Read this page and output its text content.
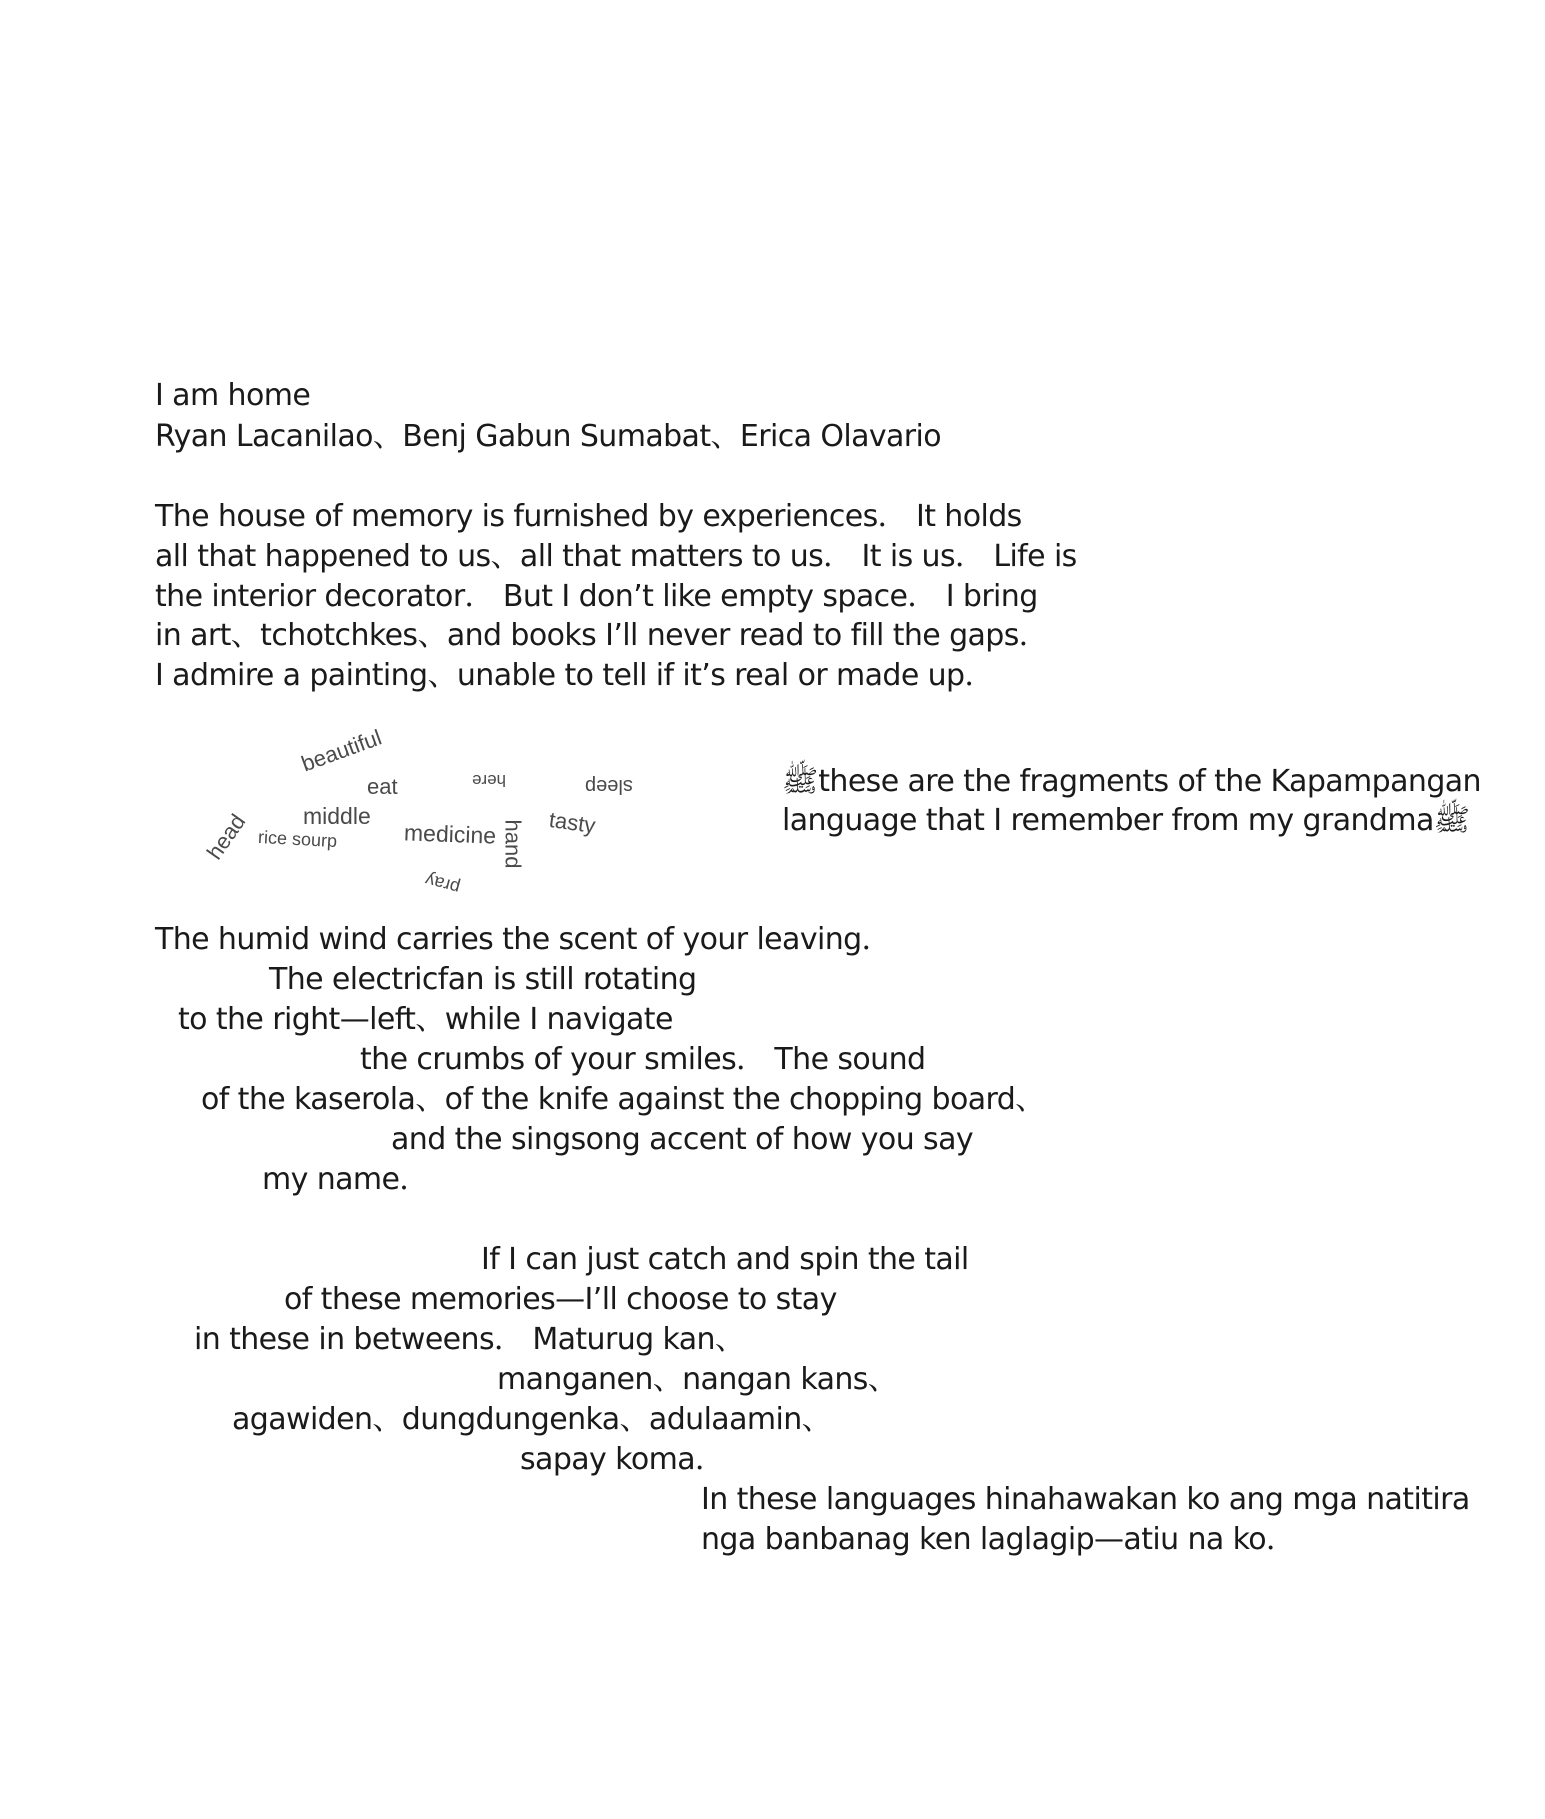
I am home
Ryan Lacanilao、Benj Gabun Sumabat、Erica Olavario
The house of memory is furnished by experiences． It holds
all that happened to us、all that matters to us． It is us． Life is
the interior decorator． But I don’t like empty space． I bring
in art、tchotchkes、and books I’ll never read to fill the gaps．
I admire a painting、unable to tell if it’s real or made up．
beautiful
eat	here	sleep
head middle
rice sourp	medicine hand tasty
pray
ﷺthese are the fragments of the Kapampangan
language that I remember from my grandmaﷺ
The humid wind carries the scent of your leaving．
The electricfan is still rotating
to the right—left、while I navigate
the crumbs of your smiles． The sound
of the kaserola、of the knife against the chopping board、
and the singsong accent of how you say
my name．
If I can just catch and spin the tail
of these memories—I’ll choose to stay
in these in betweens． Maturug kan、
manganen、nangan kans、
agawiden、dungdungenka、adulaamin、
sapay koma．
In these languages hinahawakan ko ang mga natitira
nga banbanag ken laglagip—atiu na ko．
